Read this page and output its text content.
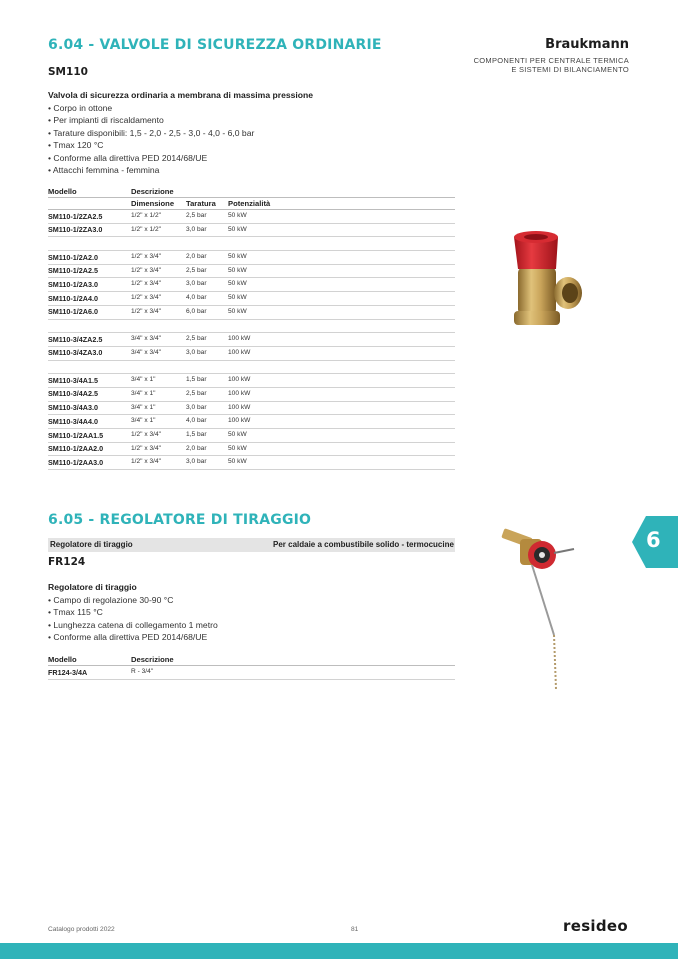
6.04 - VALVOLE DI SICUREZZA ORDINARIE	Braukmann
COMPONENTI PER CENTRALE TERMICA
E SISTEMI DI BILANCIAMENTO
SM110
Valvola di sicurezza ordinaria a membrana di massima pressione
• Corpo in ottone
• Per impianti di riscaldamento
• Tarature disponibili: 1,5 - 2,0 - 2,5 - 3,0 - 4,0 - 6,0 bar
• Tmax 120 °C
• Conforme alla direttiva PED 2014/68/UE
• Attacchi femmina - femmina
Modello	Descrizione
Dimensione Taratura Potenzialità
SM110-1/2ZA2.5	1/2" x 1/2"	2,5 bar	50 kW
SM110-1/2ZA3.0	1/2" x 1/2"	3,0 bar	50 kW
SM110-1/2A2.0	1/2" x 3/4"	2,0 bar	50 kW
SM110-1/2A2.5	1/2" x 3/4"	2,5 bar	50 kW
SM110-1/2A3.0	1/2" x 3/4"	3,0 bar	50 kW
SM110-1/2A4.0	1/2" x 3/4"	4,0 bar	50 kW
SM110-1/2A6.0	1/2" x 3/4"	6,0 bar	50 kW
SM110-3/4ZA2.5	3/4" x 3/4"	2,5 bar	100 kW
SM110-3/4ZA3.0	3/4" x 3/4"	3,0 bar	100 kW
SM110-3/4A1.5	3/4" x 1"	1,5 bar	100 kW
SM110-3/4A2.5	3/4" x 1"	2,5 bar	100 kW
SM110-3/4A3.0	3/4" x 1"	3,0 bar	100 kW
SM110-3/4A4.0	3/4" x 1"	4,0 bar	100 kW
SM110-1/2AA1.5	1/2" x 3/4"	1,5 bar	50 kW
SM110-1/2AA2.0	1/2" x 3/4"	2,0 bar	50 kW
SM110-1/2AA3.0	1/2" x 3/4"	3,0 bar	50 kW
6.05 - REGOLATORE DI TIRAGGIO
Regolatore di tiraggio	Per caldaie a combustibile solido - termocucine
FR124
Regolatore di tiraggio
• Campo di regolazione 30-90 °C
• Tmax 115 °C
• Lunghezza catena di collegamento 1 metro
• Conforme alla direttiva PED 2014/68/UE
Modello	Descrizione
FR124-3/4A	R - 3/4"
6
Catalogo prodotti 2022	81	resideo
